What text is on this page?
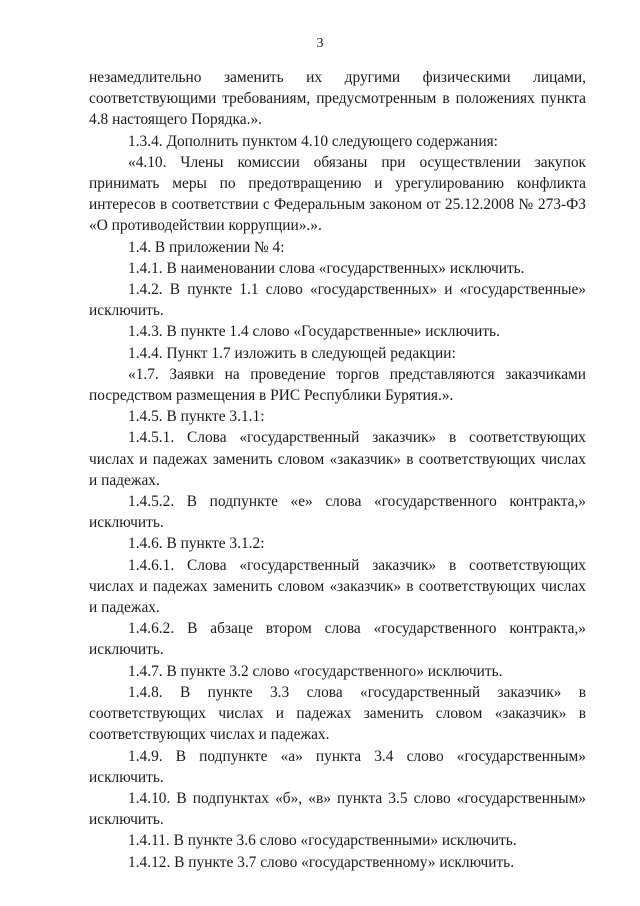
3

незамедлительно заменить их другими физическими лицами, соответствующими требованиям, предусмотренным в положениях пункта 4.8 настоящего Порядка.».

1.3.4. Дополнить пунктом 4.10 следующего содержания:

«4.10. Члены комиссии обязаны при осуществлении закупок принимать меры по предотвращению и урегулированию конфликта интересов в соответствии с Федеральным законом от 25.12.2008 № 273-ФЗ «О противодействии коррупции».».

1.4. В приложении № 4:

1.4.1. В наименовании слова «государственных» исключить.

1.4.2. В пункте 1.1 слово «государственных» и «государственные» исключить.

1.4.3. В пункте 1.4 слово «Государственные» исключить.

1.4.4. Пункт 1.7 изложить в следующей редакции:

«1.7. Заявки на проведение торгов представляются заказчиками посредством размещения в РИС Республики Бурятия.».

1.4.5. В пункте 3.1.1:

1.4.5.1. Слова «государственный заказчик» в соответствующих числах и падежах заменить словом «заказчик» в соответствующих числах и падежах.

1.4.5.2. В подпункте «е» слова «государственного контракта,» исключить.

1.4.6. В пункте 3.1.2:

1.4.6.1. Слова «государственный заказчик» в соответствующих числах и падежах заменить словом «заказчик» в соответствующих числах и падежах.

1.4.6.2. В абзаце втором слова «государственного контракта,» исключить.

1.4.7. В пункте 3.2 слово «государственного» исключить.

1.4.8. В пункте 3.3 слова «государственный заказчик» в соответствующих числах и падежах заменить словом «заказчик» в соответствующих числах и падежах.

1.4.9. В подпункте «а» пункта 3.4 слово «государственным» исключить.

1.4.10. В подпунктах «б», «в» пункта 3.5 слово «государственным» исключить.

1.4.11. В пункте 3.6 слово «государственными» исключить.

1.4.12. В пункте 3.7 слово «государственному» исключить.
